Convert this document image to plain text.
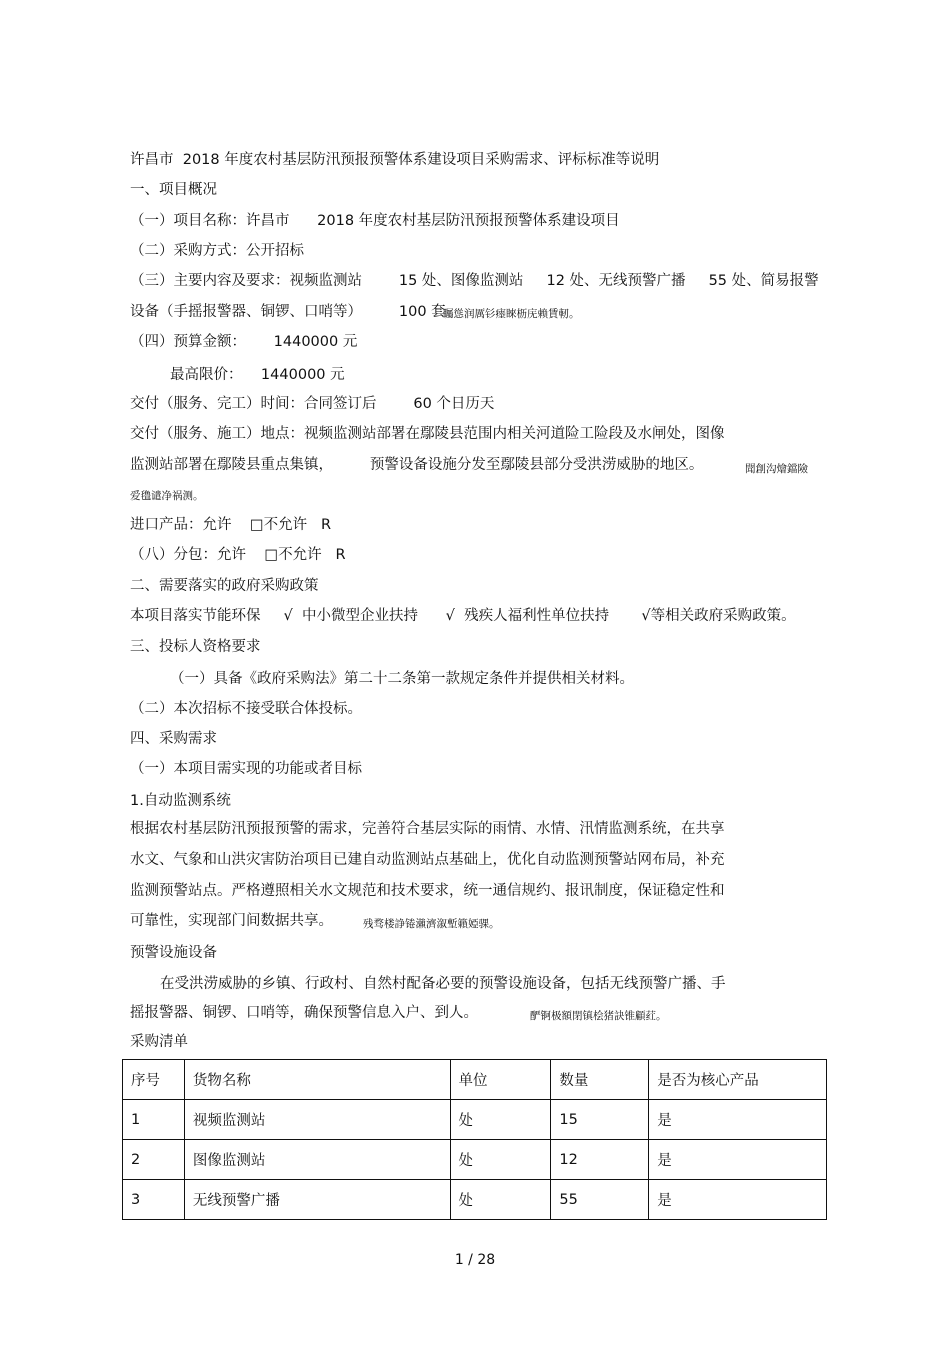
许昌市  2018 年度农村基层防汛预报预警体系建设项目采购需求、评标标准等说明
一、项目概况
（一）项目名称：许昌市      2018 年度农村基层防汛预报预警体系建设项目
（二）采购方式：公开招标
（三）主要内容及要求：视频监测站        15 处、图像监测站     12 处、无线预警广播     55 处、简易报警
设备（手摇报警器、铜锣、口哨等）        100 套
矚慫润厲钐瘗睞枥庑赖賃軔。
（四）预算金额：      1440000 元
最高限价：    1440000 元
交付（服务、完工）时间：合同签订后        60 个日历天
交付（服务、施工）地点：视频监测站部署在鄢陵县范围内相关河道险工险段及水闸处，图像
监测站部署在鄢陵县重点集镇，        预警设备设施分发至鄢陵县部分受洪涝威胁的地区。	聞創沟燴鐺險
爱氇谴净祸测。
进口产品：允许    □不允许   R
（八）分包：允许    □不允许   R
二、需要落实的政府采购政策
本项目落实节能环保     √  中小微型企业扶持      √  残疾人福利性单位扶持       √等相关政府采购政策。
三、投标人资格要求
（一）具备《政府采购法》第二十二条第一款规定条件并提供相关材料。
（二）本次招标不接受联合体投标。
四、采购需求
（一）本项目需实现的功能或者目标
1.自动监测系统
根据农村基层防汛预报预警的需求，完善符合基层实际的雨情、水情、汛情监测系统，在共享
水文、气象和山洪灾害防治项目已建自动监测站点基础上，优化自动监测预警站网布局，补充
监测预警站点。严格遵照相关水文规范和技术要求，统一通信规约、报讯制度，保证稳定性和
可靠性，实现部门间数据共享。	残骛楼諍锩瀨濟溆塹籟婭骒。
预警设施设备
在受洪涝威胁的乡镇、行政村、自然村配备必要的预警设施设备，包括无线预警广播、手
摇报警器、铜锣、口哨等，确保预警信息入户、到人。	酽锕极額閉镇桧猪訣锥顧荭。
采购清单
序号	货物名称	单位	数量	是否为核心产品
1	视频监测站	处	15	是
2	图像监测站	处	12	是
3	无线预警广播	处	55	是
1 / 28
